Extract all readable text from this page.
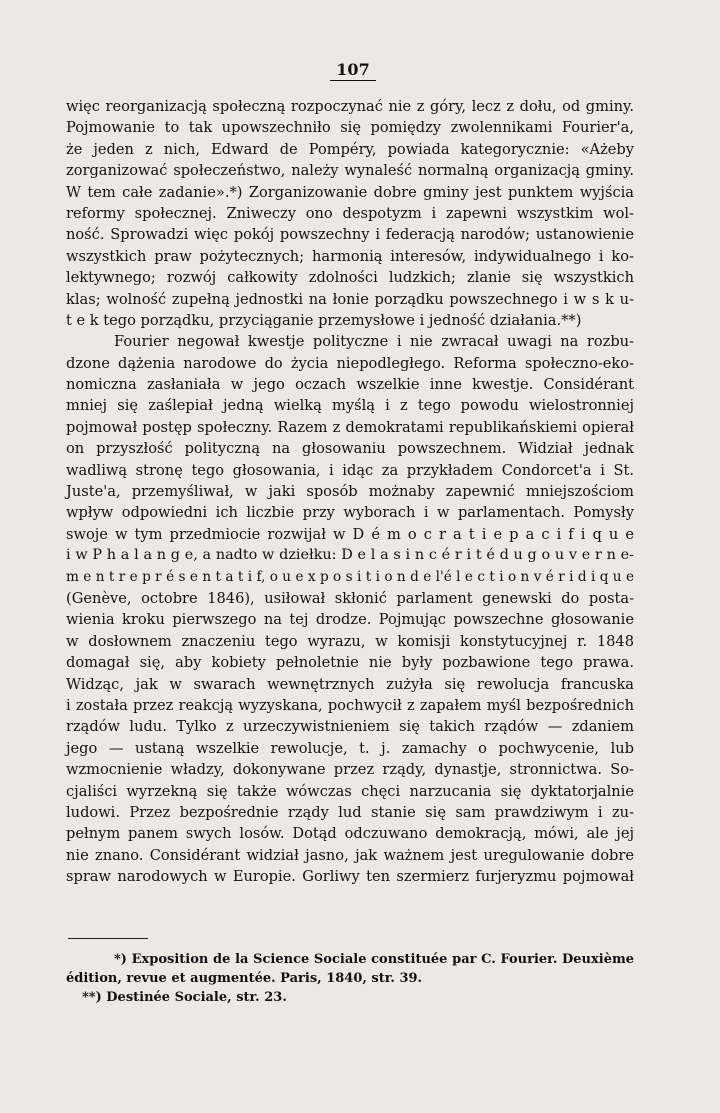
107
więc reorganizacją społeczną rozpoczynać nie z góry, lecz z dołu, od gminy.
Pojmowanie to tak upowszechniło się pomiędzy zwolennikami Fourier'a,
że jeden z nich, Edward de Pompéry, powiada kategorycznie: «Ażeby
zorganizować społeczeństwo, należy wynaleść normalną organizacją gminy.
W tem całe zadanie».*) Zorganizowanie dobre gminy jest punktem wyjścia
reformy społecznej. Zniweczy ono despotyzm i zapewni wszystkim wol-
ność. Sprowadzi więc pokój powszechny i federacją narodów; ustanowienie
wszystkich praw pożytecznych; harmonią interesów, indywidualnego i ko-
lektywnego; rozwój całkowity zdolności ludzkich; zlanie się wszystkich
klas; wolność zupełną jednostki na łonie porządku powszechnego i w s k u-
t e k tego porządku, przyciąganie przemysłowe i jedność działania.**)
Fourier negował kwestje polityczne i nie zwracał uwagi na rozbu-
dzone dążenia narodowe do życia niepodległego. Reforma społeczno-eko-
nomiczna zasłaniała w jego oczach wszelkie inne kwestje. Considérant
mniej się zaślepiał jedną wielką myślą i z tego powodu wielostronniej
pojmował postęp społeczny. Razem z demokratami republikańskiemi opierał
on przyszłość polityczną na głosowaniu powszechnem. Widział jednak
wadliwą stronę tego głosowania, i idąc za przykładem Condorcet'a i St.
Juste'a, przemyśliwał, w jaki sposób możnaby zapewnić mniejszościom
wpływ odpowiedni ich liczbie przy wyborach i w parlamentach. Pomysły
swoje w tym przedmiocie rozwijał w D é m o c r a t i e p a c i f i q u e
i w P h a l a n g e, a nadto w dziełku: D e l a s i n c é r i t é d u g o u v e r n e-
m e n t r e p r é s e n t a t i f, o u e x p o s i t i o n d e l'é l e c t i o n v é r i d i q u e
(Genève, octobre 1846), usiłował skłonić parlament genewski do posta-
wienia kroku pierwszego na tej drodze. Pojmując powszechne głosowanie
w dosłownem znaczeniu tego wyrazu, w komisji konstytucyjnej r. 1848
domagał się, aby kobiety pełnoletnie nie były pozbawione tego prawa.
Widząc, jak w swarach wewnętrznych zużyła się rewolucja francuska
i została przez reakcją wyzyskana, pochwycił z zapałem myśl bezpośrednich
rządów ludu. Tylko z urzeczywistnieniem się takich rządów — zdaniem
jego — ustaną wszelkie rewolucje, t. j. zamachy o pochwycenie, lub
wzmocnienie władzy, dokonywane przez rządy, dynastje, stronnictwa. So-
cjaliści wyrzekną się także wówczas chęci narzucania się dyktatorjalnie
ludowi. Przez bezpośrednie rządy lud stanie się sam prawdziwym i zu-
pełnym panem swych losów. Dotąd odczuwano demokracją, mówi, ale jej
nie znano. Considérant widział jasno, jak ważnem jest uregulowanie dobre
spraw narodowych w Europie. Gorliwy ten szermierz furjeryzmu pojmował
*) Exposition de la Science Sociale constituée par C. Fourier. Deuxième
édition, revue et augmentée. Paris, 1840, str. 39.
**) Destinée Sociale, str. 23.
